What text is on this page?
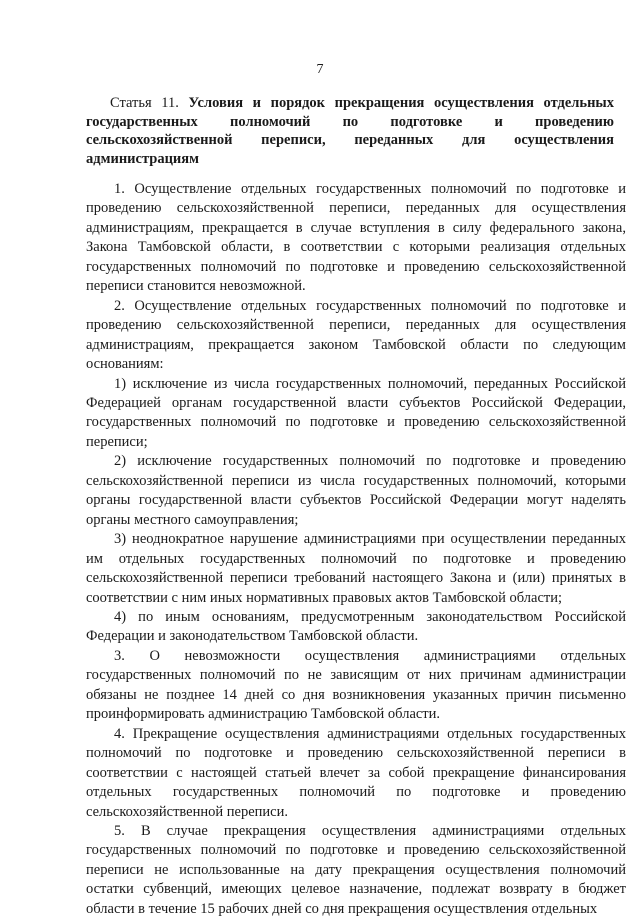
7
Статья 11. Условия и порядок прекращения осуществления отдельных государственных полномочий по подготовке и проведению сельскохозяйственной переписи, переданных для осуществления администрациям

1. Осуществление отдельных государственных полномочий по подготовке и проведению сельскохозяйственной переписи, переданных для осуществления администрациям, прекращается в случае вступления в силу федерального закона, Закона Тамбовской области, в соответствии с которыми реализация отдельных государственных полномочий по подготовке и проведению сельскохозяйственной переписи становится невозможной.

2. Осуществление отдельных государственных полномочий по подготовке и проведению сельскохозяйственной переписи, переданных для осуществления администрациям, прекращается законом Тамбовской области по следующим основаниям:

1) исключение из числа государственных полномочий, переданных Российской Федерацией органам государственной власти субъектов Российской Федерации, государственных полномочий по подготовке и проведению сельскохозяйственной переписи;

2) исключение государственных полномочий по подготовке и проведению сельскохозяйственной переписи из числа государственных полномочий, которыми органы государственной власти субъектов Российской Федерации могут наделять органы местного самоуправления;

3) неоднократное нарушение администрациями при осуществлении переданных им отдельных государственных полномочий по подготовке и проведению сельскохозяйственной переписи требований настоящего Закона и (или) принятых в соответствии с ним иных нормативных правовых актов Тамбовской области;

4) по иным основаниям, предусмотренным законодательством Российской Федерации и законодательством Тамбовской области.

3. О невозможности осуществления администрациями отдельных государственных полномочий по не зависящим от них причинам администрации обязаны не позднее 14 дней со дня возникновения указанных причин письменно проинформировать администрацию Тамбовской области.

4. Прекращение осуществления администрациями отдельных государственных полномочий по подготовке и проведению сельскохозяйственной переписи в соответствии с настоящей статьей влечет за собой прекращение финансирования отдельных государственных полномочий по подготовке и проведению сельскохозяйственной переписи.

5. В случае прекращения осуществления администрациями отдельных государственных полномочий по подготовке и проведению сельскохозяйственной переписи не использованные на дату прекращения осуществления полномочий остатки субвенций, имеющих целевое назначение, подлежат возврату в бюджет области в течение 15 рабочих дней со дня прекращения осуществления отдельных
